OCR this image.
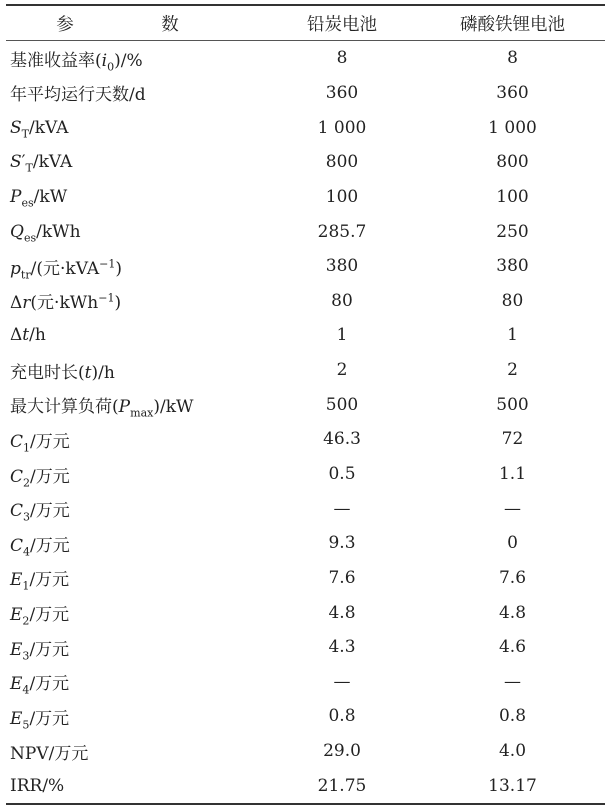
参　数	铅炭电池	磷酸铁锂电池
基准收益率$(i_0)/\%$	8	8
年平均运行天数/d	360	360
$S_T$/kVA	1 000	1 000
$S'_T$/kVA	800	800
$P_{es}/kW$	100	100
$Q_{es}$/kWh	285.7	250
$p_{tr}/$(元·kVA$^{-1}$)	380	380
Δr(元·kWh$^{-1}$)	80	80
Δt/h	1	1
充电时长(t)/h	2	2
最大计算负荷$(P_{max})/kW$	500	500
$C_1/$万元	46.3	72
$C_2/$万元	0.5	1.1
$C_3/$万元	—	—
$C_4/$万元	9.3	0
$E_1/$万元	7.6	7.6
$E_2/$万元	4.8	4.8
$E_3/$万元	4.3	4.6
$E_4/$万元	—	—
$E_5/$万元	0.8	0.8
NPV/万元	29.0	4.0
IRR/%	21.75	13.17
